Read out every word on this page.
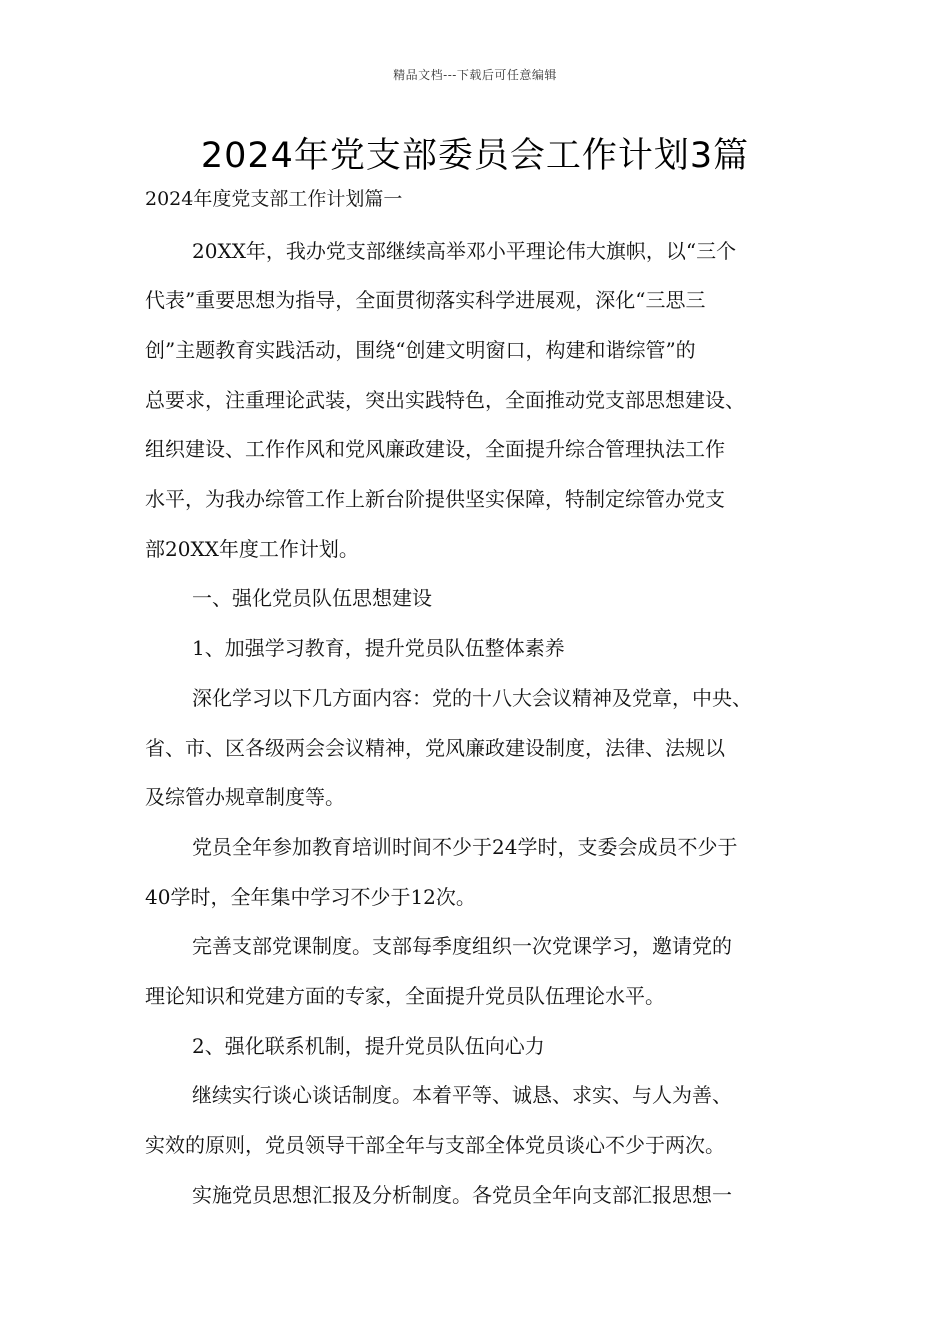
精品文档---下载后可任意编辑
2024年党支部委员会工作计划3篇
2024年度党支部工作计划篇一
20XX年，我办党支部继续高举邓小平理论伟大旗帜，以“三个
代表”重要思想为指导，全面贯彻落实科学进展观，深化“三思三
创”主题教育实践活动，围绕“创建文明窗口，构建和谐综管”的
总要求，注重理论武装，突出实践特色，全面推动党支部思想建设、
组织建设、工作作风和党风廉政建设，全面提升综合管理执法工作
水平，为我办综管工作上新台阶提供坚实保障，特制定综管办党支
部20XX年度工作计划。
一、强化党员队伍思想建设
1、加强学习教育，提升党员队伍整体素养
深化学习以下几方面内容：党的十八大会议精神及党章，中央、
省、市、区各级两会会议精神，党风廉政建设制度，法律、法规以
及综管办规章制度等。
党员全年参加教育培训时间不少于24学时，支委会成员不少于
40学时，全年集中学习不少于12次。
完善支部党课制度。支部每季度组织一次党课学习，邀请党的
理论知识和党建方面的专家，全面提升党员队伍理论水平。
2、强化联系机制，提升党员队伍向心力
继续实行谈心谈话制度。本着平等、诚恳、求实、与人为善、
实效的原则，党员领导干部全年与支部全体党员谈心不少于两次。
实施党员思想汇报及分析制度。各党员全年向支部汇报思想一
